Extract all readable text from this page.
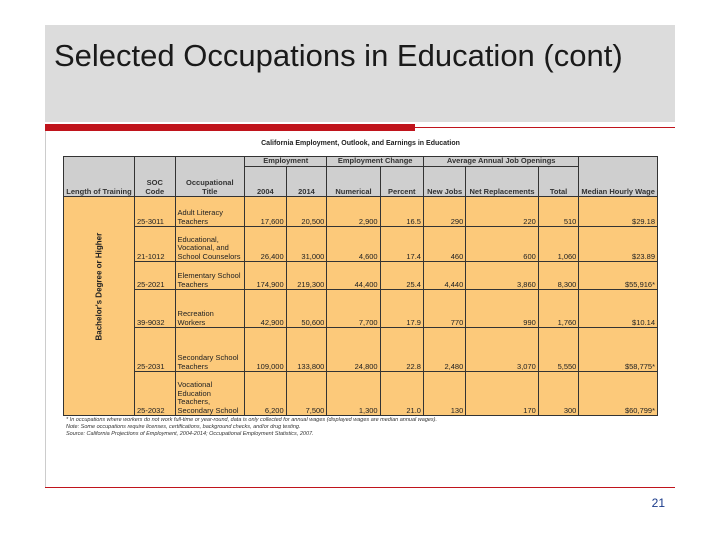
Selected Occupations in Education (cont)
21
California Employment, Outlook, and Earnings in Education
Length of Training	SOC Code	Occupational Title	Employment		Employment Change		Average Annual Job Openings			Median Hourly Wage
			2004	2014	Numerical	Percent	New Jobs	Net Replacements	Total	
Bachelor's Degree or Higher	25-3011	Adult Literacy Teachers	17,600	20,500	2,900	16.5	290	220	510	$29.18
	21-1012	Educational, Vocational, and School Counselors	26,400	31,000	4,600	17.4	460	600	1,060	$23.89
	25-2021	Elementary School Teachers	174,900	219,300	44,400	25.4	4,440	3,860	8,300	$55,916*
	39-9032	Recreation Workers	42,900	50,600	7,700	17.9	770	990	1,760	$10.14
	25-2031	Secondary School Teachers	109,000	133,800	24,800	22.8	2,480	3,070	5,550	$58,775*
	25-2032	Vocational Education Teachers, Secondary School	6,200	7,500	1,300	21.0	130	170	300	$60,799*
* In occupations where workers do not work full-time or year-round, data is only collected for annual wages (displayed wages are median annual wages).
Note: Some occupations require licenses, certifications, background checks, and/or drug testing.
Source: California Projections of Employment, 2004-2014; Occupational Employment Statistics, 2007.
